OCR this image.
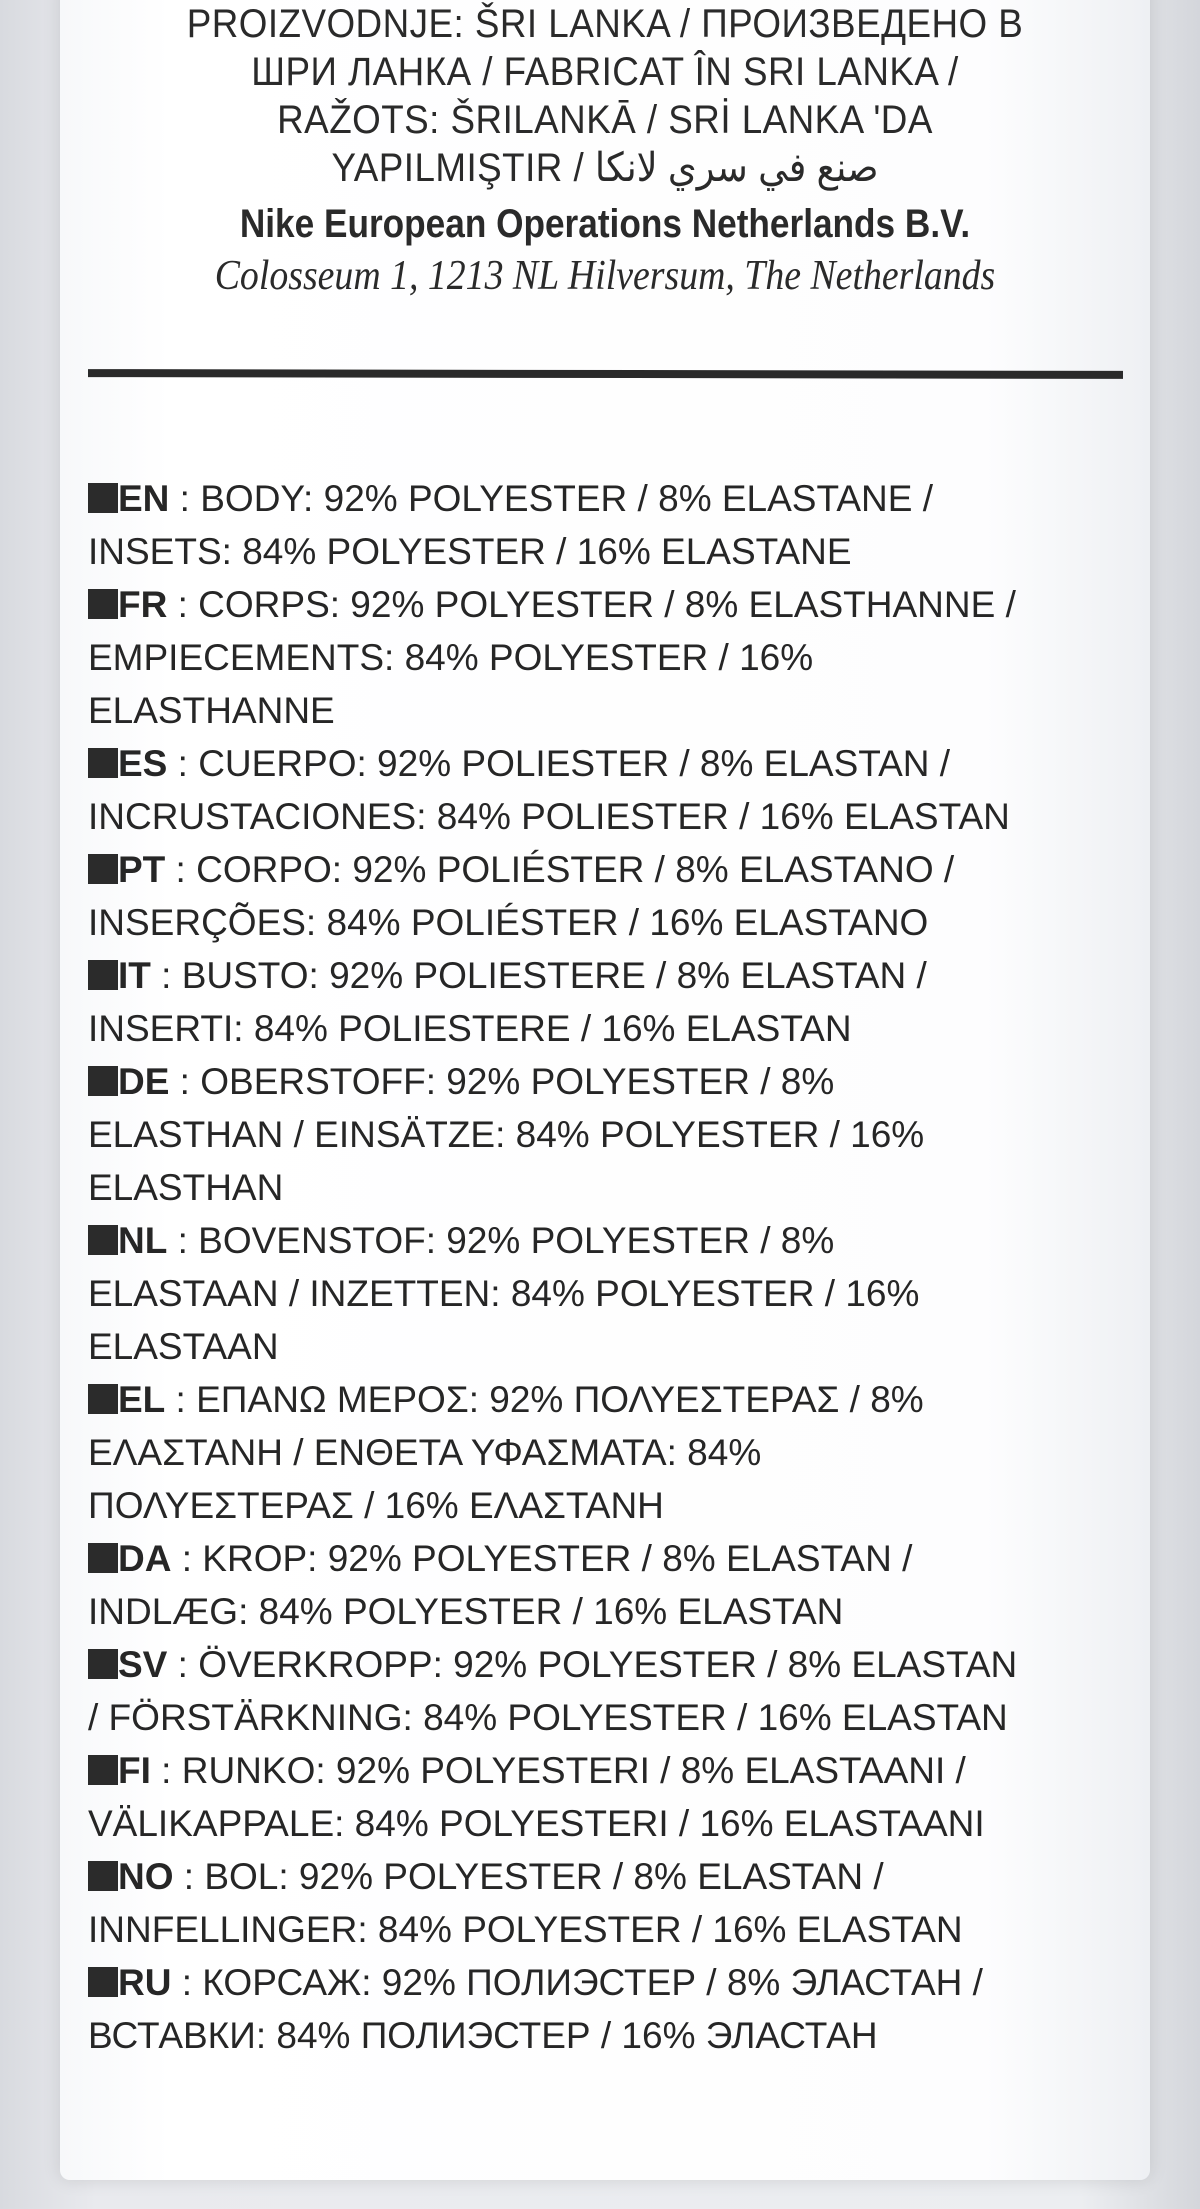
PROIZVODNJE: ŠRI LANKA / ПРОИЗВЕДЕНО В
ШРИ ЛАНКА / FABRICAT ÎN SRI LANKA /
RAŽOTS: ŠRILANKĀ / SRİ LANKA 'DA
YAPILMIŞTIR / صنع في سري لانكا
Nike European Operations Netherlands B.V.
Colosseum 1, 1213 NL Hilversum, The Netherlands
EN : BODY: 92% POLYESTER / 8% ELASTANE /
INSETS: 84% POLYESTER / 16% ELASTANE
FR : CORPS: 92% POLYESTER / 8% ELASTHANNE /
EMPIECEMENTS: 84% POLYESTER / 16%
ELASTHANNE
ES : CUERPO: 92% POLIESTER / 8% ELASTAN /
INCRUSTACIONES: 84% POLIESTER / 16% ELASTAN
PT : CORPO: 92% POLIÉSTER / 8% ELASTANO /
INSERÇÕES: 84% POLIÉSTER / 16% ELASTANO
IT : BUSTO: 92% POLIESTERE / 8% ELASTAN /
INSERTI: 84% POLIESTERE / 16% ELASTAN
DE : OBERSTOFF: 92% POLYESTER / 8%
ELASTHAN / EINSÄTZE: 84% POLYESTER / 16%
ELASTHAN
NL : BOVENSTOF: 92% POLYESTER / 8%
ELASTAAN / INZETTEN: 84% POLYESTER / 16%
ELASTAAN
EL : ΕΠΑΝΩ ΜΕΡΟΣ: 92% ΠΟΛΥΕΣΤΕΡΑΣ / 8%
ΕΛΑΣΤΑΝΗ / ΕΝΘΕΤΑ ΥΦΑΣΜΑΤΑ: 84%
ΠΟΛΥΕΣΤΕΡΑΣ / 16% ΕΛΑΣΤΑΝΗ
DA : KROP: 92% POLYESTER / 8% ELASTAN /
INDLÆG: 84% POLYESTER / 16% ELASTAN
SV : ÖVERKROPP: 92% POLYESTER / 8% ELASTAN
/ FÖRSTÄRKNING: 84% POLYESTER / 16% ELASTAN
FI : RUNKO: 92% POLYESTERI / 8% ELASTAANI /
VÄLIKAPPALE: 84% POLYESTERI / 16% ELASTAANI
NO : BOL: 92% POLYESTER / 8% ELASTAN /
INNFELLINGER: 84% POLYESTER / 16% ELASTAN
RU : КОРСАЖ: 92% ПОЛИЭСТЕР / 8% ЭЛАСТАН /
ВСТАВКИ: 84% ПОЛИЭСТЕР / 16% ЭЛАСТАН
